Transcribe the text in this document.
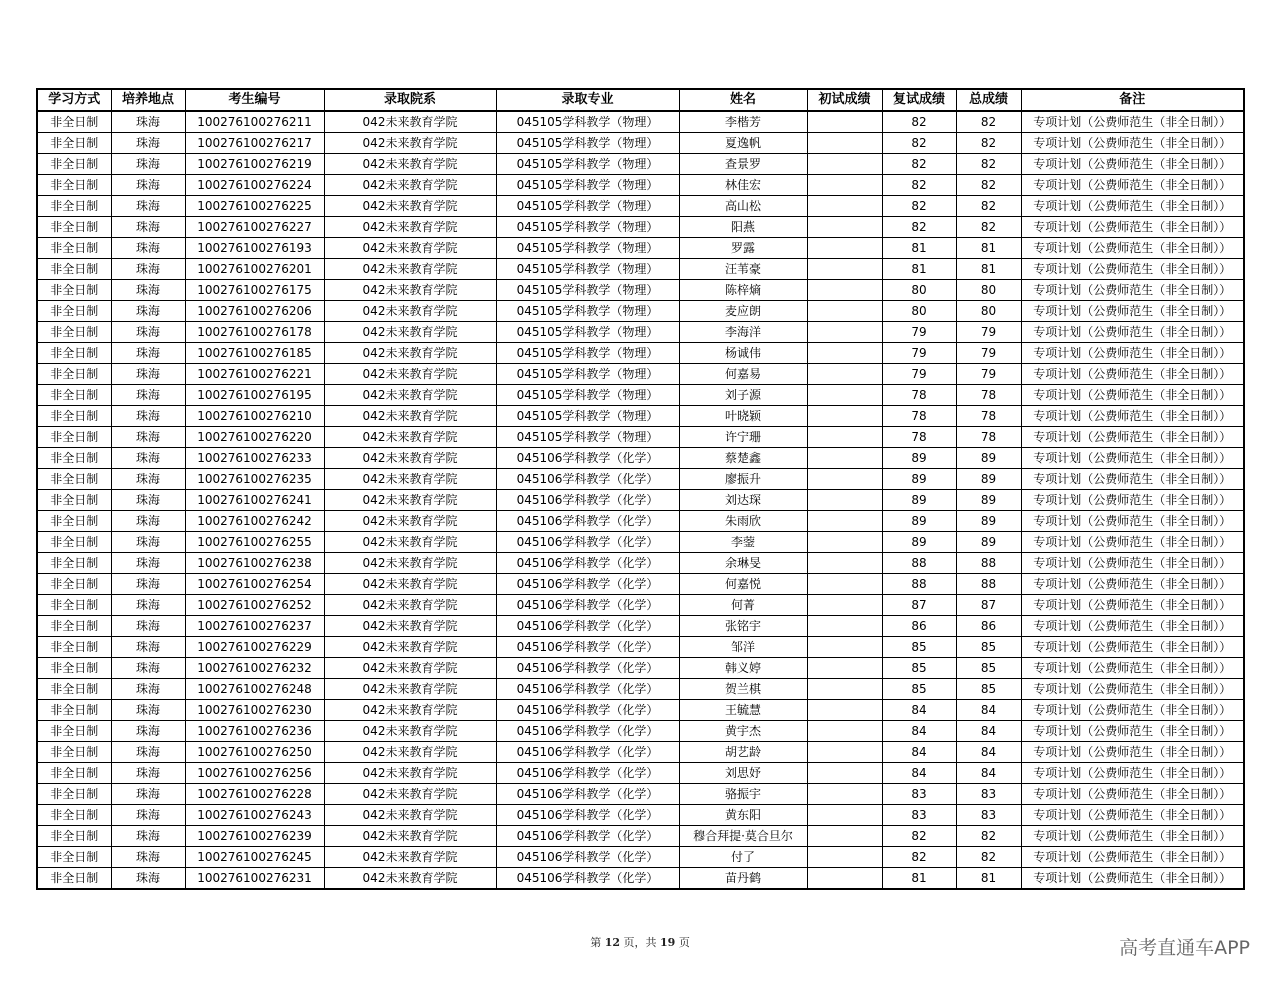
学习方式	培养地点	考生编号	录取院系	录取专业	姓名	初试成绩	复试成绩	总成绩	备注
非全日制	珠海	100276100276211	042未来教育学院	045105学科教学（物理）	李楷芳		82	82	专项计划（公费师范生（非全日制））
非全日制	珠海	100276100276217	042未来教育学院	045105学科教学（物理）	夏逸帆		82	82	专项计划（公费师范生（非全日制））
非全日制	珠海	100276100276219	042未来教育学院	045105学科教学（物理）	查景罗		82	82	专项计划（公费师范生（非全日制））
非全日制	珠海	100276100276224	042未来教育学院	045105学科教学（物理）	林佳宏		82	82	专项计划（公费师范生（非全日制））
非全日制	珠海	100276100276225	042未来教育学院	045105学科教学（物理）	高山松		82	82	专项计划（公费师范生（非全日制））
非全日制	珠海	100276100276227	042未来教育学院	045105学科教学（物理）	阳燕		82	82	专项计划（公费师范生（非全日制））
非全日制	珠海	100276100276193	042未来教育学院	045105学科教学（物理）	罗露		81	81	专项计划（公费师范生（非全日制））
非全日制	珠海	100276100276201	042未来教育学院	045105学科教学（物理）	汪苇豪		81	81	专项计划（公费师范生（非全日制））
非全日制	珠海	100276100276175	042未来教育学院	045105学科教学（物理）	陈梓熵		80	80	专项计划（公费师范生（非全日制））
非全日制	珠海	100276100276206	042未来教育学院	045105学科教学（物理）	麦应朗		80	80	专项计划（公费师范生（非全日制））
非全日制	珠海	100276100276178	042未来教育学院	045105学科教学（物理）	李海洋		79	79	专项计划（公费师范生（非全日制））
非全日制	珠海	100276100276185	042未来教育学院	045105学科教学（物理）	杨诚伟		79	79	专项计划（公费师范生（非全日制））
非全日制	珠海	100276100276221	042未来教育学院	045105学科教学（物理）	何嘉易		79	79	专项计划（公费师范生（非全日制））
非全日制	珠海	100276100276195	042未来教育学院	045105学科教学（物理）	刘子源		78	78	专项计划（公费师范生（非全日制））
非全日制	珠海	100276100276210	042未来教育学院	045105学科教学（物理）	叶晓颖		78	78	专项计划（公费师范生（非全日制））
非全日制	珠海	100276100276220	042未来教育学院	045105学科教学（物理）	许宁珊		78	78	专项计划（公费师范生（非全日制））
非全日制	珠海	100276100276233	042未来教育学院	045106学科教学（化学）	蔡楚鑫		89	89	专项计划（公费师范生（非全日制））
非全日制	珠海	100276100276235	042未来教育学院	045106学科教学（化学）	廖振升		89	89	专项计划（公费师范生（非全日制））
非全日制	珠海	100276100276241	042未来教育学院	045106学科教学（化学）	刘达琛		89	89	专项计划（公费师范生（非全日制））
非全日制	珠海	100276100276242	042未来教育学院	045106学科教学（化学）	朱雨欣		89	89	专项计划（公费师范生（非全日制））
非全日制	珠海	100276100276255	042未来教育学院	045106学科教学（化学）	李蓥		89	89	专项计划（公费师范生（非全日制））
非全日制	珠海	100276100276238	042未来教育学院	045106学科教学（化学）	余琳旻		88	88	专项计划（公费师范生（非全日制））
非全日制	珠海	100276100276254	042未来教育学院	045106学科教学（化学）	何嘉悦		88	88	专项计划（公费师范生（非全日制））
非全日制	珠海	100276100276252	042未来教育学院	045106学科教学（化学）	何菁		87	87	专项计划（公费师范生（非全日制））
非全日制	珠海	100276100276237	042未来教育学院	045106学科教学（化学）	张铭宇		86	86	专项计划（公费师范生（非全日制））
非全日制	珠海	100276100276229	042未来教育学院	045106学科教学（化学）	邹洋		85	85	专项计划（公费师范生（非全日制））
非全日制	珠海	100276100276232	042未来教育学院	045106学科教学（化学）	韩义婷		85	85	专项计划（公费师范生（非全日制））
非全日制	珠海	100276100276248	042未来教育学院	045106学科教学（化学）	贺兰棋		85	85	专项计划（公费师范生（非全日制））
非全日制	珠海	100276100276230	042未来教育学院	045106学科教学（化学）	王毓慧		84	84	专项计划（公费师范生（非全日制））
非全日制	珠海	100276100276236	042未来教育学院	045106学科教学（化学）	黄宇杰		84	84	专项计划（公费师范生（非全日制））
非全日制	珠海	100276100276250	042未来教育学院	045106学科教学（化学）	胡艺龄		84	84	专项计划（公费师范生（非全日制））
非全日制	珠海	100276100276256	042未来教育学院	045106学科教学（化学）	刘思妤		84	84	专项计划（公费师范生（非全日制））
非全日制	珠海	100276100276228	042未来教育学院	045106学科教学（化学）	骆振宇		83	83	专项计划（公费师范生（非全日制））
非全日制	珠海	100276100276243	042未来教育学院	045106学科教学（化学）	黄东阳		83	83	专项计划（公费师范生（非全日制））
非全日制	珠海	100276100276239	042未来教育学院	045106学科教学（化学）	穆合拜提·莫合旦尔		82	82	专项计划（公费师范生（非全日制））
非全日制	珠海	100276100276245	042未来教育学院	045106学科教学（化学）	付了		82	82	专项计划（公费师范生（非全日制））
非全日制	珠海	100276100276231	042未来教育学院	045106学科教学（化学）	苗丹鹤		81	81	专项计划（公费师范生（非全日制））
第 12 页，共 19 页	高考直通车APP
